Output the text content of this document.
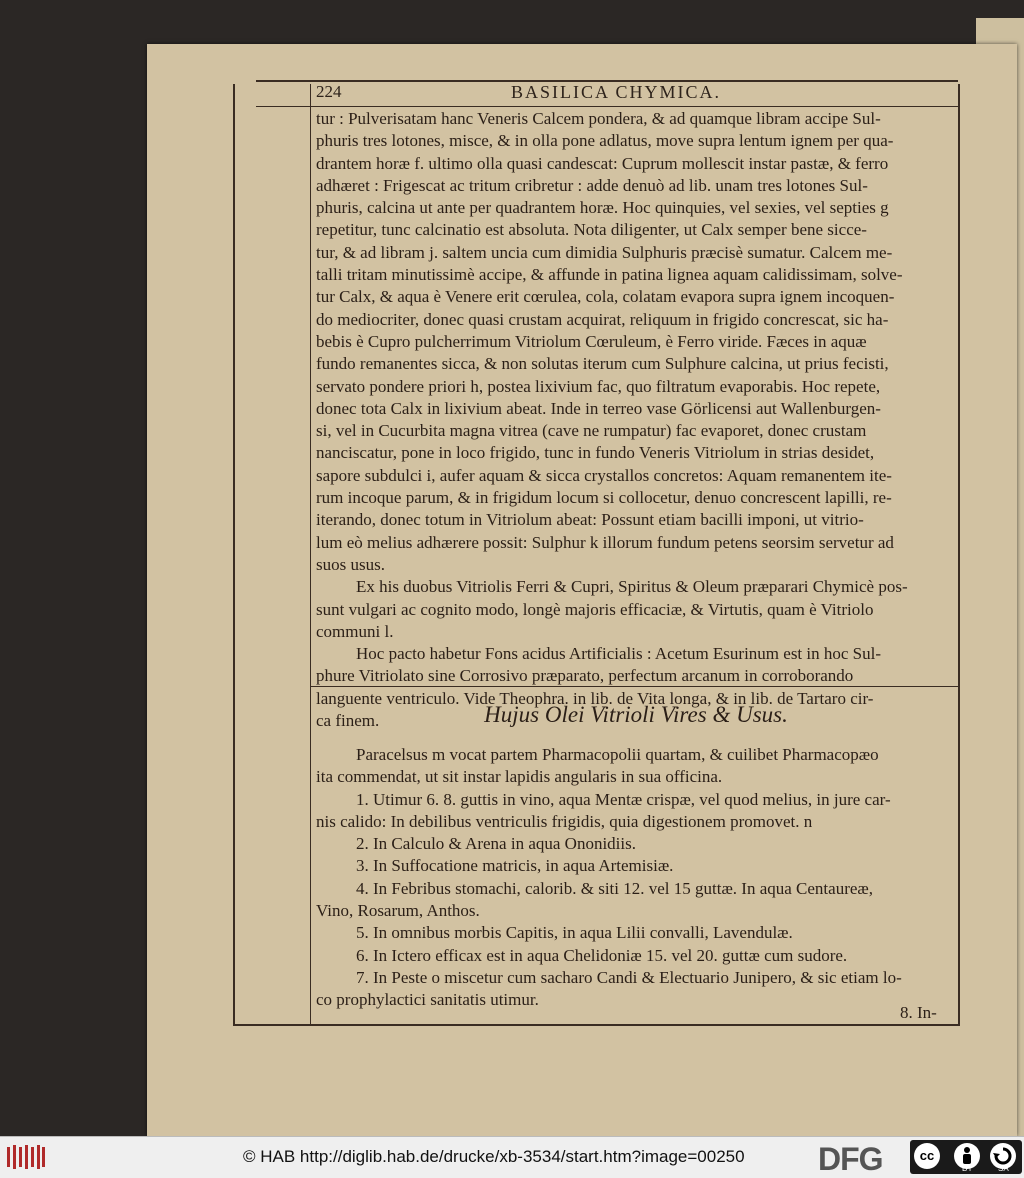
224	BASILICA CHYMICA.
tur : Pulverisatam hanc Veneris Calcem pondera, & ad quamque libram accipe Sul-
phuris tres lotones, misce, & in olla pone adlatus, move supra lentum ignem per qua-
drantem horæ f. ultimo olla quasi candescat: Cuprum mollescit instar pastæ, & ferro
adhæret : Frigescat ac tritum cribretur : adde denuò ad lib. unam tres lotones Sul-
phuris, calcina ut ante per quadrantem horæ. Hoc quinquies, vel sexies, vel septies g
repetitur, tunc calcinatio est absoluta. Nota diligenter, ut Calx semper bene sicce-
tur, & ad libram j. saltem uncia cum dimidia Sulphuris præcisè sumatur. Calcem me-
talli tritam minutissimè accipe, & affunde in patina lignea aquam calidissimam, solve-
tur Calx, & aqua è Venere erit cœrulea, cola, colatam evapora supra ignem incoquen-
do mediocriter, donec quasi crustam acquirat, reliquum in frigido concrescat, sic ha-
bebis è Cupro pulcherrimum Vitriolum Cœruleum, è Ferro viride. Fæces in aquæ
fundo remanentes sicca, & non solutas iterum cum Sulphure calcina, ut prius fecisti,
servato pondere priori h, postea lixivium fac, quo filtratum evaporabis. Hoc repete,
donec tota Calx in lixivium abeat. Inde in terreo vase Görlicensi aut Wallenburgen-
si, vel in Cucurbita magna vitrea (cave ne rumpatur) fac evaporet, donec crustam
nanciscatur, pone in loco frigido, tunc in fundo Veneris Vitriolum in strias desidet,
sapore subdulci i, aufer aquam & sicca crystallos concretos: Aquam remanentem ite-
rum incoque parum, & in frigidum locum si collocetur, denuo concrescent lapilli, re-
iterando, donec totum in Vitriolum abeat: Possunt etiam bacilli imponi, ut vitrio-
lum eò melius adhærere possit: Sulphur k illorum fundum petens seorsim servetur ad
suos usus.
Ex his duobus Vitriolis Ferri & Cupri, Spiritus & Oleum præparari Chymicè pos-
sunt vulgari ac cognito modo, longè majoris efficaciæ, & Virtutis, quam è Vitriolo
communi l.
Hoc pacto habetur Fons acidus Artificialis : Acetum Esurinum est in hoc Sul-
phure Vitriolato sine Corrosivo præparato, perfectum arcanum in corroborando
languente ventriculo. Vide Theophra. in lib. de Vita longa, & in lib. de Tartaro cir-
ca finem.	Hujus Olei Vitrioli Vires & Usus.
Paracelsus m vocat partem Pharmacopolii quartam, & cuilibet Pharmacopæo
ita commendat, ut sit instar lapidis angularis in sua officina.
1. Utimur 6. 8. guttis in vino, aqua Mentæ crispæ, vel quod melius, in jure car-
nis calido: In debilibus ventriculis frigidis, quia digestionem promovet. n
2. In Calculo & Arena in aqua Ononidiis.
3. In Suffocatione matricis, in aqua Artemisiæ.
4. In Febribus stomachi, calorib. & siti 12. vel 15 guttæ. In aqua Centaureæ,
Vino, Rosarum, Anthos.
5. In omnibus morbis Capitis, in aqua Lilii convalli, Lavendulæ.
6. In Ictero efficax est in aqua Chelidoniæ 15. vel 20. guttæ cum sudore.
7. In Peste o miscetur cum sacharo Candi & Electuario Junipero, & sic etiam lo-
co prophylactici sanitatis utimur.
8. In-
© HAB http://diglib.hab.de/drucke/xb-3534/start.htm?image=00250 DFG	cc
BY	SA
